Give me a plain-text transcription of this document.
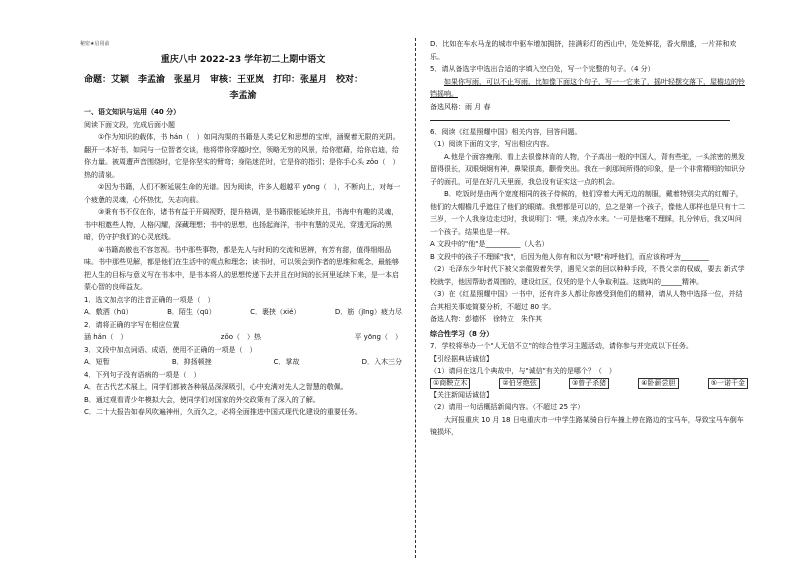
秘密★启用前
重庆八中 2022-23 学年初二上期中语文
命题：艾颖　李孟渝　张星月　审核：王亚岚　打印：张星月　校对：
李孟渝

一、语文知识与运用（40 分）

阅读下面文段，完成后面小题

①作为知识的载体，书 hán（　）如同沟渠的书籍是人类记忆和思想的宝库，涵聚着无限的光阴。翻开一本好书，如同与一位智者交谈，他将带你穿越时空，领略无穷的风景，给你慰藉，给你启迪，给你力量。被周遭声音围绕时，它是你坚实的臂弯；身陷迷茫时，它是你的指引；是你手心头 zǒo（　）热的清泉。

②因为书籍，人们不断延展生命的光谱。因为阅读，许多人超越平 yōng（　），不断向上，对每一个疲惫的灵魂，心怀热忱，矢志向前。

③秉有书不仅在你，诸书有益于开阔视野，提升格调，是书籍很能延续并且，书海中有趣的灵魂，书中相邀些人物，人格闪耀，深藏理想；书中的思想，也扬起海洋，书中有慧的灵光，穿透无际的黑暗，仍守护我们的心灵底线。

④书籍高傲也不容忽视。书中那些事物，都是先人与时间的交流和思辨，有芳有甜，值得细细品味。书中那些见解，都是他们在生活中的观点和理念；读书时，可以领会到作者的思维和观念，最能够把人生的目标与意义写在书本中，是书本将人的思想传递下去并且在时间的长河里延续下来，是一本启蒙心智的良师益友。

1．选文加点字的注音正确的一项是（　）

A．敷洒（hū）	B．陌生（qū）	C．裹挟（xié）	D．筋（jīng）疲力尽

2．请将正确的字写在相应位置

涵 hán（　）	zǒo（　）热	平 yōng（　）

3．文段中加点词语、成语，使用不正确的一项是（　）

A．短暂	B．抑扬顿挫	C．掌故	D．入木三分

4．下列句子没有语病的一项是（　）

A．在古代艺术展上，同学们都被各种展品深深吸引，心中充满对先人之智慧的敬佩。

B．通过观看青少年模拟大会，使同学们对国家的外交政策有了深入的了解。

C．二十大报告如春风吹遍神州，久而久之，必将全面推进中国式现代化建设的重要任务。

D．比如在车水马龙的城市中驱车增加拥挤，挂满彩灯的西山中，处处鲜花，香火鼎盛，一片祥和欢乐。

5．请从备选字中选出合适的字填入空白处，写一个完整的句子。（4 分）

如果你写雨，可以不止写雨，比如像下面这个句子，写一一它来了，摇叶轻摆交落下，屋檐边的铃铛摇响。

备选风格：雨 月 春

6．阅读《红星照耀中国》相关内容，回答问题。

（1）阅读下面的文字，写出相应内容。

A.他是个面容瘦削、看上去很像林肯的人物，个子高出一般的中国人，背有些驼，一头浓密的黑发留得很长，双眼炯炯有神，鼻梁很高，颧骨突出。我在一刹那间所得的印象，是一个非常精明的知识分子的面孔，可是在好几天里面，我总没有证实这一点的机会。

B．吃饭时是由两个宽度相同的孩子侍候的，他们穿着大两无边的制服，戴着特别尖式的红帽子，他们的大帽檐几乎遮住了他们的眼睛。我想都是可以的，总之是第一个孩子，像他人那样也是只有十二三岁，一个人我身边走过时，我说明门：'喂，来点冷水来。'一可是他毫不理睬，扎分钟后，我又叫问一个孩子。结果也是一样。

A 文段中的"他"是__________（人名）

B 文段中的孩子不理睬"我"，后因为他人你有和以为"喂"称呼他们，而应该称呼为________

（2）毛泽东少年时代下被父亲催毁着失学，遇见父亲的回以种种手段，不畏父亲的权威，要去 新式学校就学，他因帮助者周围的，建设红区，仅凭的是个人争取利益。这就叫的______精神。

（3）在《红星照耀中国》一书中，还有许多人都让你感受到他们的精神，请从人物中选择一位，并结合其相关事迹简要分析，不超过 80 字。

备选人物：彭德怀　徐特立　朱作其

综合性学习（8 分）

7．学校将举办一个"人无信不立"的综合性学习主题活动，请你参与并完成以下任务。

【引经据典话诚信】

（1）请问在这几个典故中，与"诚信"有关的是哪个？（　）

①商鞅立木	②伯牙绝弦	③曾子杀猪	④卧薪尝胆	⑤一诺千金

【关注新闻话诚信】

（2）请用一句话概括新闻内容。（不超过 25 字）

大河报重庆 10 月 18 日电重庆市一中学生路某骑自行车撞上停在路边的宝马车，导致宝马车倒车镜损坏，
